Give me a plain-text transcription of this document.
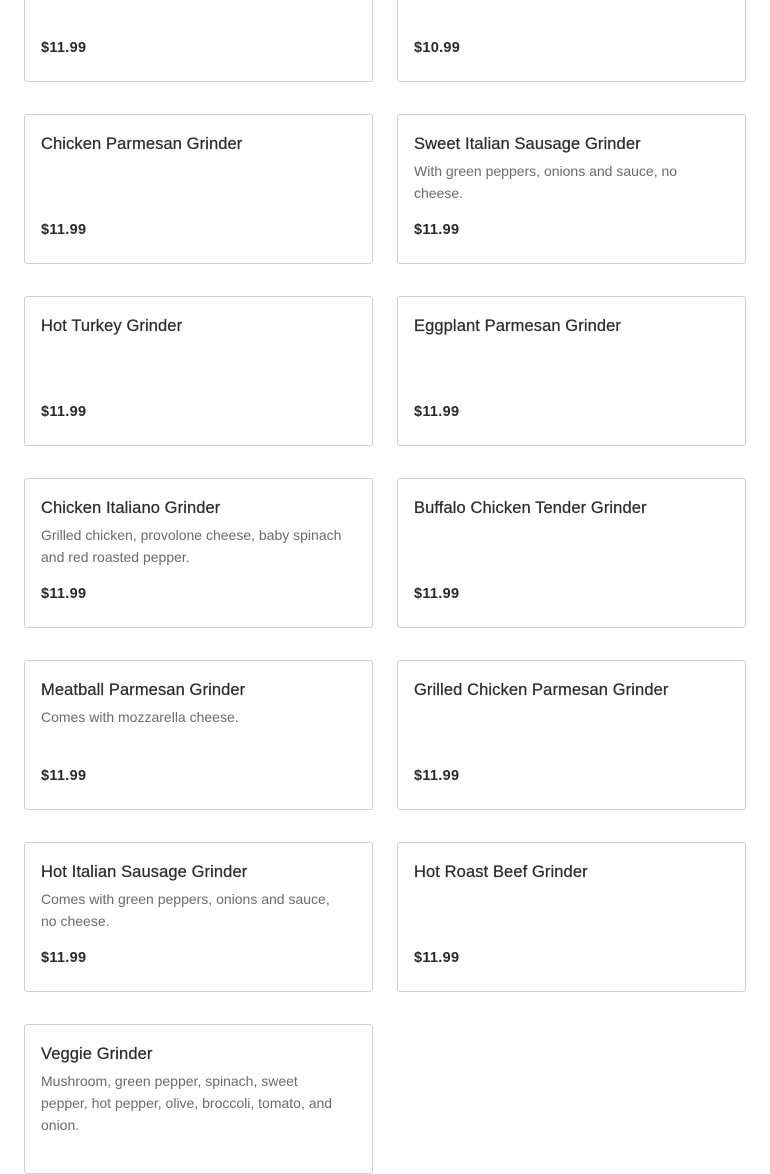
$11.99	$10.99
Chicken Parmesan Grinder
$11.99
Sweet Italian Sausage Grinder
With green peppers, onions and sauce, no cheese.
$11.99
Hot Turkey Grinder
$11.99
Eggplant Parmesan Grinder
$11.99
Chicken Italiano Grinder
Grilled chicken, provolone cheese, baby spinach and red roasted pepper.
$11.99
Buffalo Chicken Tender Grinder
$11.99
Meatball Parmesan Grinder
Comes with mozzarella cheese.
$11.99
Grilled Chicken Parmesan Grinder
$11.99
Hot Italian Sausage Grinder
Comes with green peppers, onions and sauce, no cheese.
$11.99
Hot Roast Beef Grinder
$11.99
Veggie Grinder
Mushroom, green pepper, spinach, sweet pepper, hot pepper, olive, broccoli, tomato, and onion.
